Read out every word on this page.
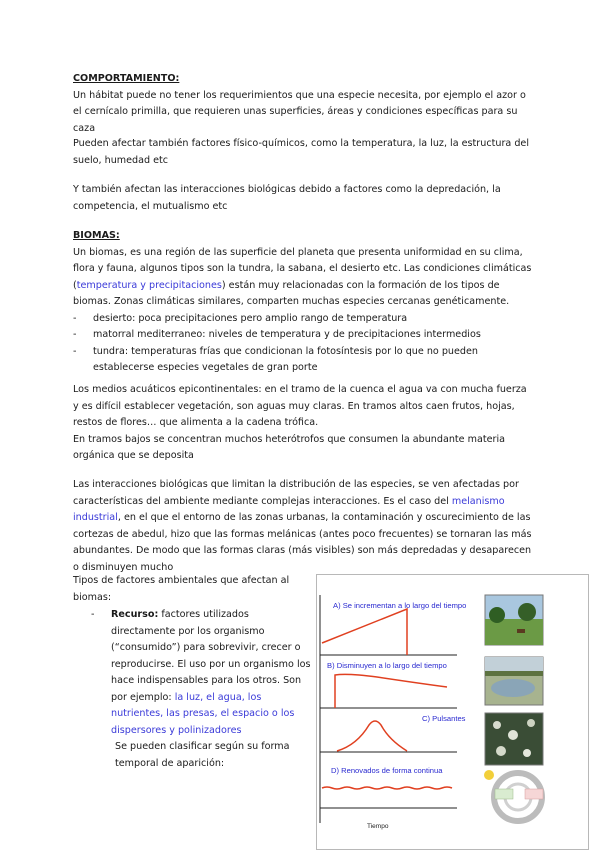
COMPORTAMIENTO:
Un hábitat puede no tener los requerimientos que una especie necesita, por ejemplo el azor o el cernícalo primilla, que requieren unas superficies, áreas y condiciones específicas para su caza
Pueden afectar también factores físico-químicos, como la temperatura, la luz, la estructura del suelo, humedad etc
Y también afectan las interacciones biológicas debido a factores como la depredación, la competencia, el mutualismo etc
BIOMAS:
Un biomas, es una región de las superficie del planeta que presenta uniformidad en su clima, flora y fauna, algunos tipos son la tundra, la sabana, el desierto etc. Las condiciones climáticas (temperatura y precipitaciones) están muy relacionadas con la formación de los tipos de biomas. Zonas climáticas similares, comparten muchas especies cercanas genéticamente.
- desierto: poca precipitaciones pero amplio rango de temperatura
- matorral mediterraneo: niveles de temperatura y de precipitaciones intermedios
- tundra: temperaturas frías que condicionan la fotosíntesis por lo que no pueden establecerse especies vegetales de gran porte
Los medios acuáticos epicontinentales: en el tramo de la cuenca el agua va con mucha fuerza y es difícil establecer vegetación, son aguas muy claras. En tramos altos caen frutos, hojas, restos de flores… que alimenta a la cadena trófica.
En tramos bajos se concentran muchos heterótrofos que consumen la abundante materia orgánica que se deposita
Las interacciones biológicas que limitan la distribución de las especies, se ven afectadas por características del ambiente mediante complejas interacciones. Es el caso del melanismo industrial, en el que el entorno de las zonas urbanas, la contaminación y oscurecimiento de las cortezas de abedul, hizo que las formas melánicas (antes poco frecuentes) se tornaran las más abundantes. De modo que las formas claras (más visibles) son más depredadas y desaparecen o disminuyen mucho
Tipos de factores ambientales que afectan al biomas:
- Recurso: factores utilizados directamente por los organismo (“consumido”) para sobrevivir, crecer o reproducirse. El uso por un organismo los hace indispensables para los otros. Son por ejemplo: la luz, el agua, los nutrientes, las presas, el espacio o los dispersores y polinizadores
Se pueden clasificar según su forma temporal de aparición:
A) Se incrementan a lo largo del tiempo
B) Disminuyen a lo largo del tiempo
C) Pulsantes
D) Renovados de forma continua
Tiempo
